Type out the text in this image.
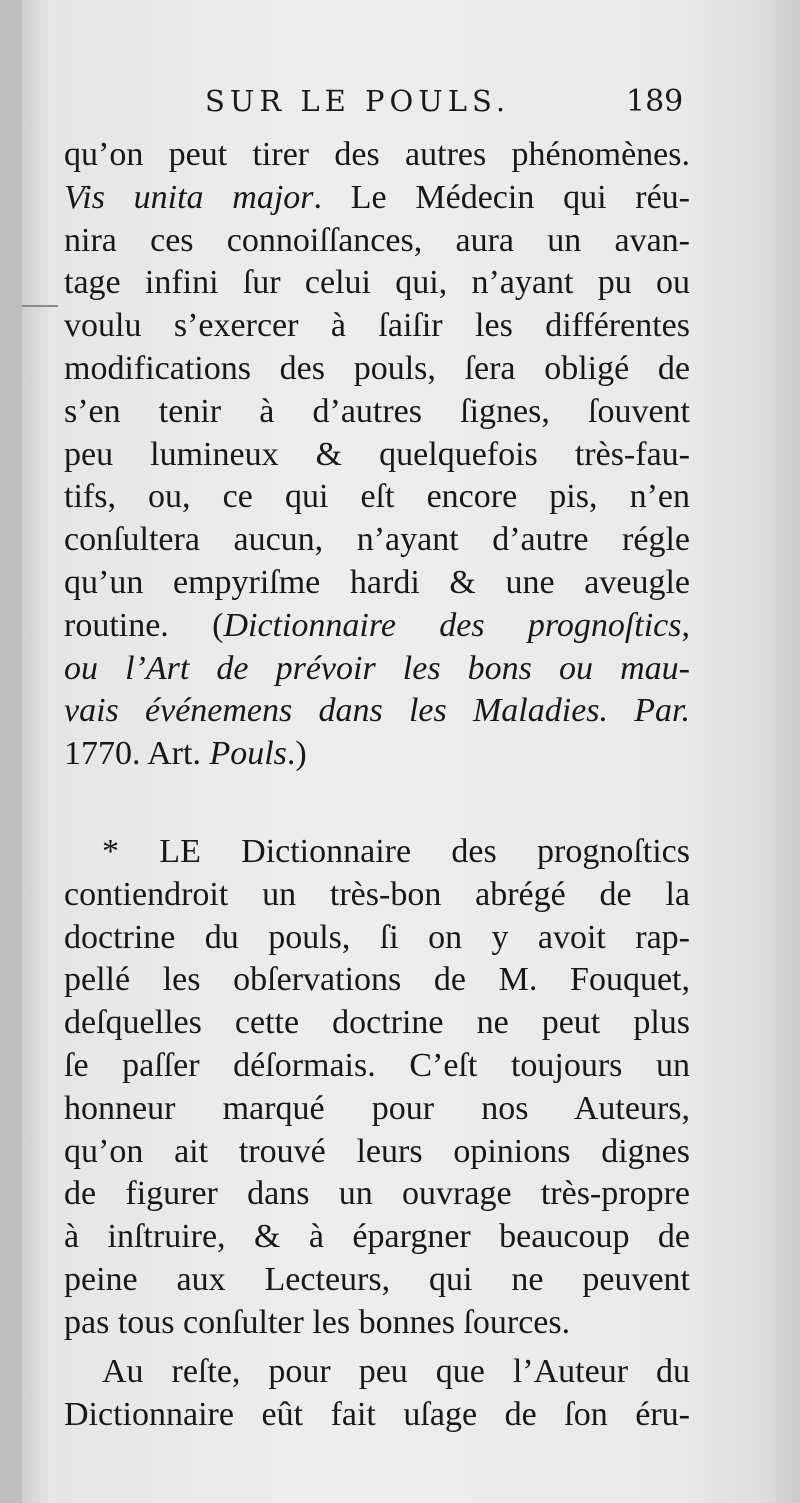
SUR LE POULS.	189
qu’on peut tirer des autres phénomènes.
Vis unita major. Le Médecin qui réu-
nira ces connoiſſances, aura un avan-
tage infini ſur celui qui, n’ayant pu ou
voulu s’exercer à ſaiſir les différentes
modifications des pouls, ſera obligé de
s’en tenir à d’autres ſignes, ſouvent
peu lumineux & quelquefois très-fau-
tifs, ou, ce qui eſt encore pis, n’en
conſultera aucun, n’ayant d’autre régle
qu’un empyriſme hardi & une aveugle
routine. (Dictionnaire des prognoſtics,
ou l’Art de prévoir les bons ou mau-
vais événemens dans les Maladies. Par.
1770. Art. Pouls.)
* LE Dictionnaire des prognoſtics
contiendroit un très-bon abrégé de la
doctrine du pouls, ſi on y avoit rap-
pellé les obſervations de M. Fouquet,
deſquelles cette doctrine ne peut plus
ſe paſſer déſormais. C’eſt toujours un
honneur marqué pour nos Auteurs,
qu’on ait trouvé leurs opinions dignes
de figurer dans un ouvrage très-propre
à inſtruire, & à épargner beaucoup de
peine aux Lecteurs, qui ne peuvent
pas tous conſulter les bonnes ſources.
Au reſte, pour peu que l’Auteur du
Dictionnaire eût fait uſage de ſon éru-
